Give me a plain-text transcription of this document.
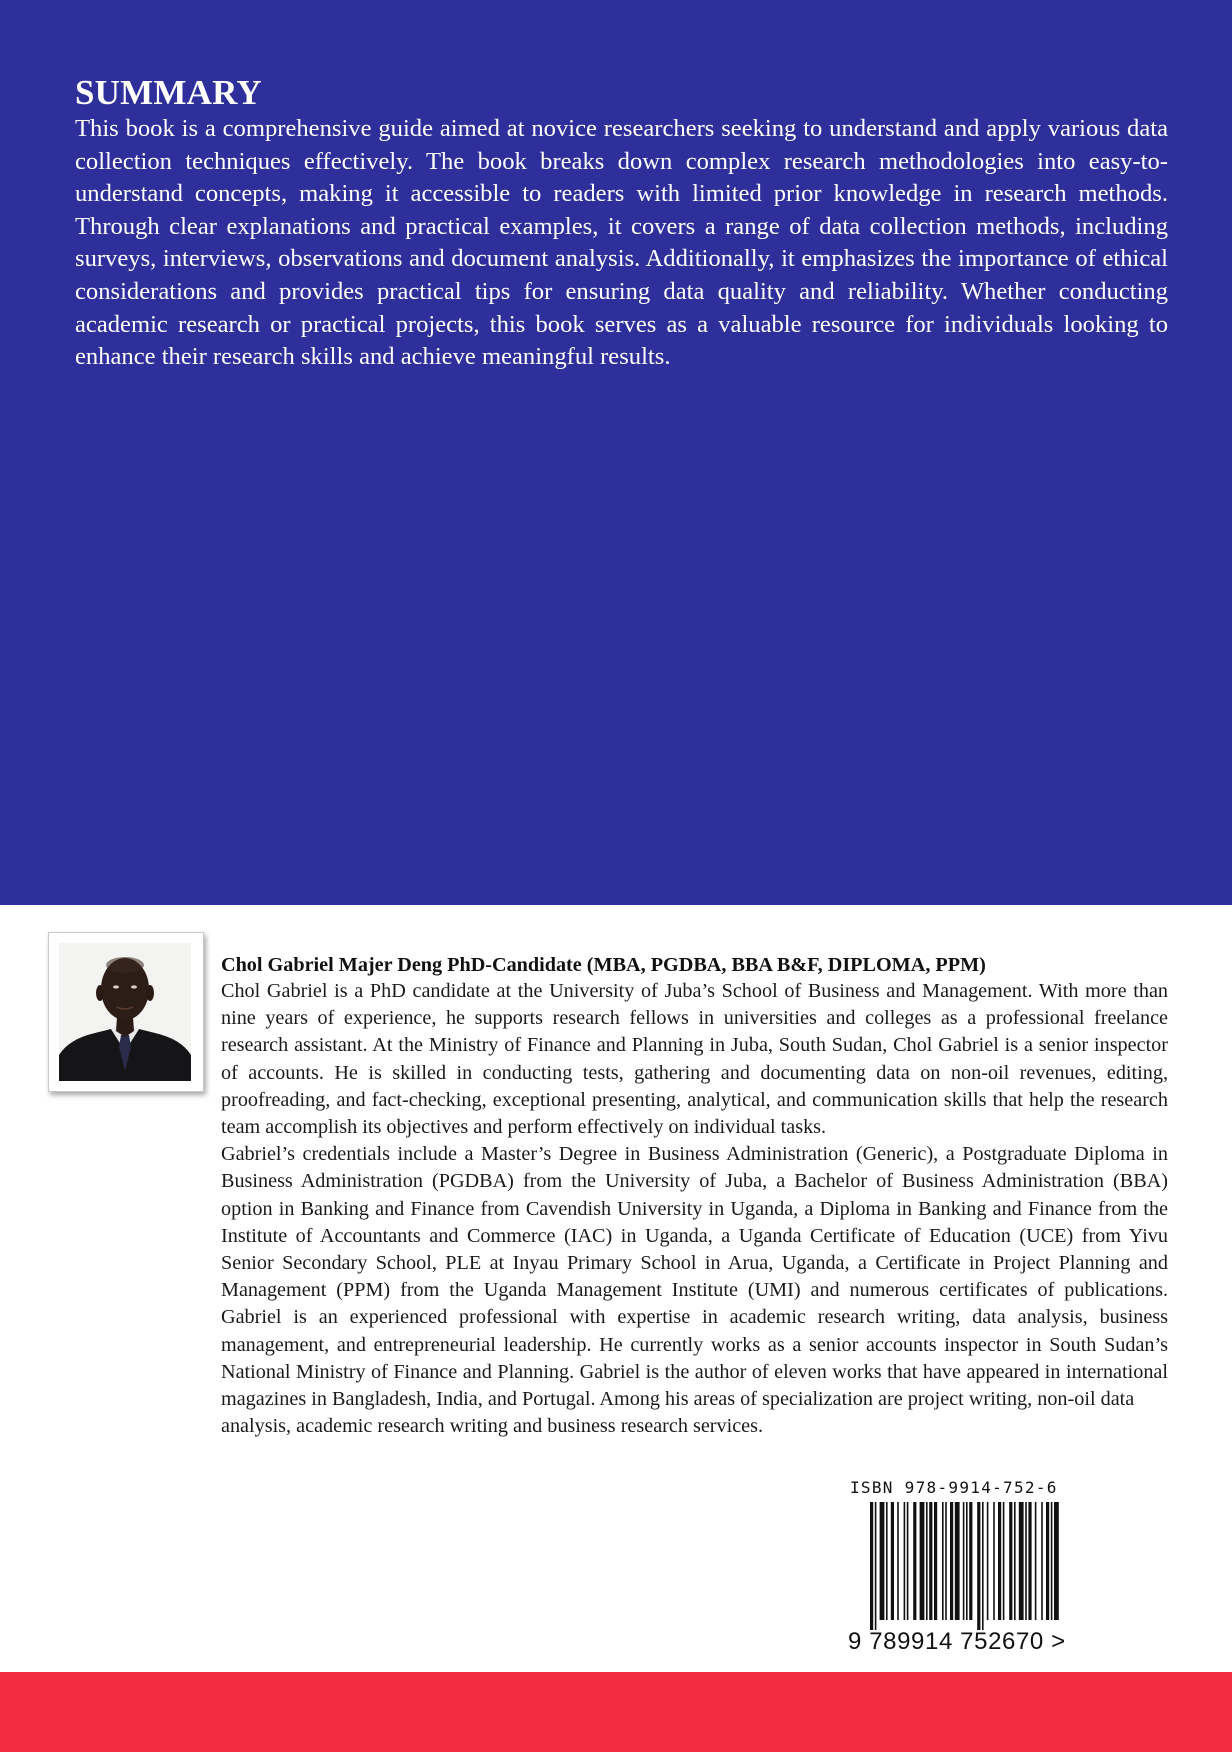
SUMMARY

This book is a comprehensive guide aimed at novice researchers seeking to understand and apply various data collection techniques effectively. The book breaks down complex research methodologies into easy-to-understand concepts, making it accessible to readers with limited prior knowledge in research methods. Through clear explanations and practical examples, it covers a range of data collection methods, including surveys, interviews, observations and document analysis. Additionally, it emphasizes the importance of ethical considerations and provides practical tips for ensuring data quality and reliability. Whether conducting academic research or practical projects, this book serves as a valuable resource for individuals looking to enhance their research skills and achieve meaningful results.

Chol Gabriel Majer Deng PhD-Candidate (MBA, PGDBA, BBA B&F, DIPLOMA, PPM)

Chol Gabriel is a PhD candidate at the University of Juba’s School of Business and Management. With more than nine years of experience, he supports research fellows in universities and colleges as a professional freelance research assistant. At the Ministry of Finance and Planning in Juba, South Sudan, Chol Gabriel is a senior inspector of accounts. He is skilled in conducting tests, gathering and documenting data on non-oil revenues, editing, proofreading, and fact-checking, exceptional presenting, analytical, and communication skills that help the research team accomplish its objectives and perform effectively on individual tasks.

Gabriel’s credentials include a Master’s Degree in Business Administration (Generic), a Postgraduate Diploma in Business Administration (PGDBA) from the University of Juba, a Bachelor of Business Administration (BBA) option in Banking and Finance from Cavendish University in Uganda, a Diploma in Banking and Finance from the Institute of Accountants and Commerce (IAC) in Uganda, a Uganda Certificate of Education (UCE) from Yivu Senior Secondary School, PLE at Inyau Primary School in Arua, Uganda, a Certificate in Project Planning and Management (PPM) from the Uganda Management Institute (UMI) and numerous certificates of publications. Gabriel is an experienced professional with expertise in academic research writing, data analysis, business management, and entrepreneurial leadership. He currently works as a senior accounts inspector in South Sudan’s National Ministry of Finance and Planning. Gabriel is the author of eleven works that have appeared in international magazines in Bangladesh, India, and Portugal. Among his areas of specialization are project writing, non-oil data

analysis, academic research writing and business research services.

ISBN 978-9914-752-6
9 789914 752670 >
